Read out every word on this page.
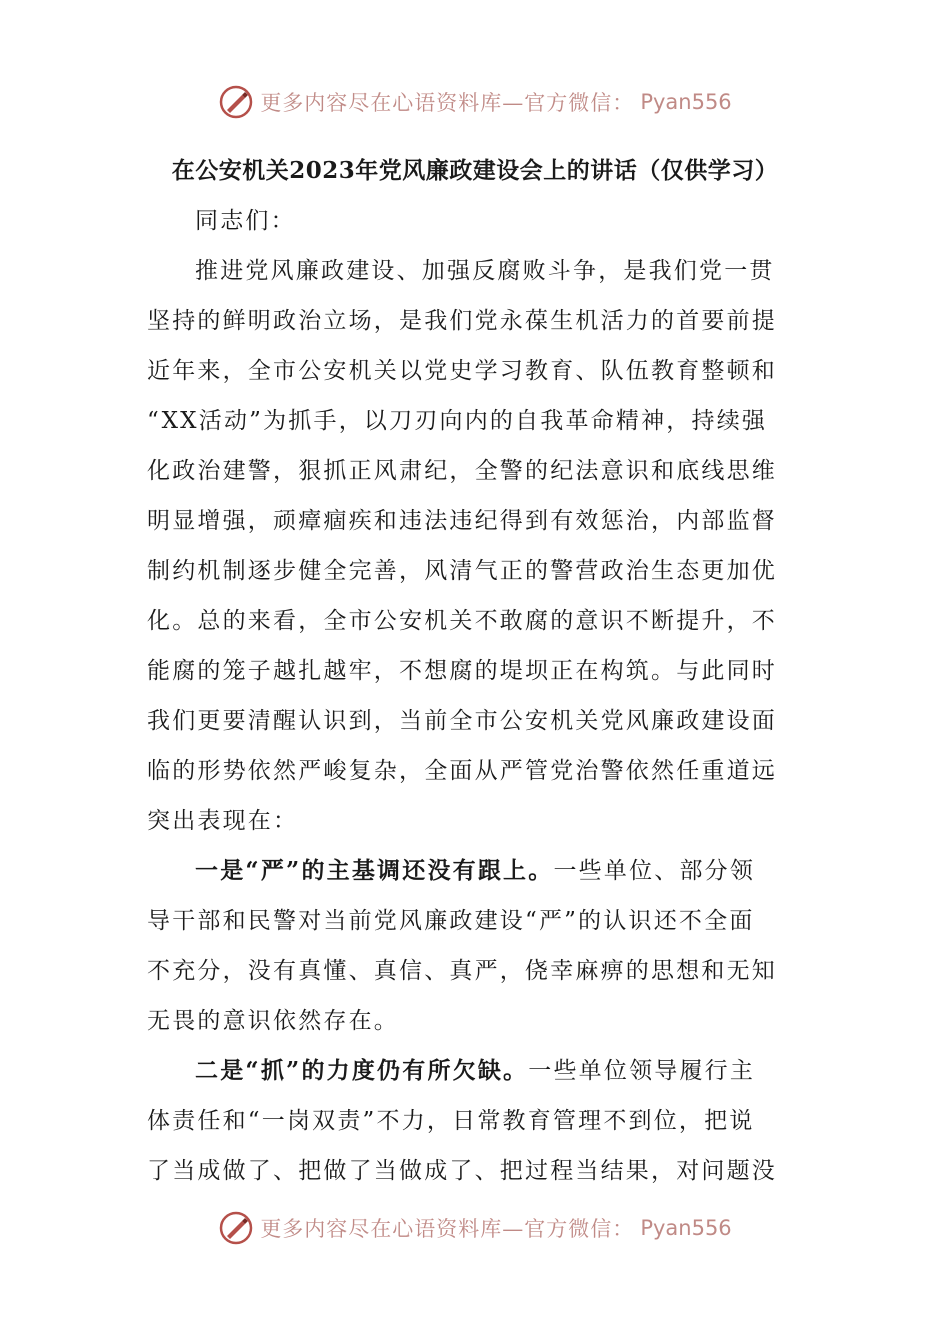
更多内容尽在心语资料库—官方微信： Pyan556
在公安机关2023年党风廉政建设会上的讲话（仅供学习）
同志们：
推进党风廉政建设、加强反腐败斗争，是我们党一贯
坚持的鲜明政治立场，是我们党永葆生机活力的首要前提
近年来，全市公安机关以党史学习教育、队伍教育整顿和
“XX活动”为抓手，以刀刃向内的自我革命精神，持续强
化政治建警，狠抓正风肃纪，全警的纪法意识和底线思维
明显增强，顽瘴痼疾和违法违纪得到有效惩治，内部监督
制约机制逐步健全完善，风清气正的警营政治生态更加优
化。总的来看，全市公安机关不敢腐的意识不断提升，不
能腐的笼子越扎越牢，不想腐的堤坝正在构筑。与此同时
我们更要清醒认识到，当前全市公安机关党风廉政建设面
临的形势依然严峻复杂，全面从严管党治警依然任重道远
突出表现在：
一是“严”的主基调还没有跟上。一些单位、部分领
导干部和民警对当前党风廉政建设“严”的认识还不全面
不充分，没有真懂、真信、真严，侥幸麻痹的思想和无知
无畏的意识依然存在。
二是“抓”的力度仍有所欠缺。一些单位领导履行主
体责任和“一岗双责”不力，日常教育管理不到位，把说
了当成做了、把做了当做成了、把过程当结果，对问题没
更多内容尽在心语资料库—官方微信： Pyan556
